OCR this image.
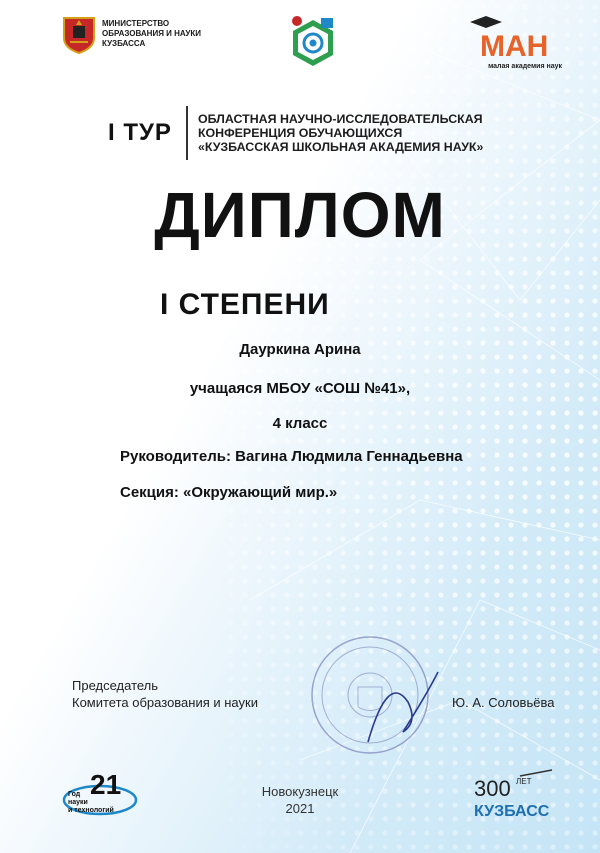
МИНИСТЕРСТВО
ОБРАЗОВАНИЯ И НАУКИ
КУЗБАССА	МАН
малая академия наук
I ТУР ОБЛАСТНАЯ НАУЧНО-ИССЛЕДОВАТЕЛЬСКАЯ
КОНФЕРЕНЦИЯ ОБУЧАЮЩИХСЯ
«КУЗБАССКАЯ ШКОЛЬНАЯ АКАДЕМИЯ НАУК»
ДИПЛОМ
I СТЕПЕНИ
Дауркина Арина
учащаяся МБОУ «СОШ №41»,
4 класс
Руководитель: Вагина Людмила Геннадьевна
Секция: «Окружающий мир.»
Председатель
Комитета образования и науки	Ю. А. Соловьёва
21
Год
науки
и технологий
Новокузнецк
2021
300 ЛЕТ
КУЗБАСС
